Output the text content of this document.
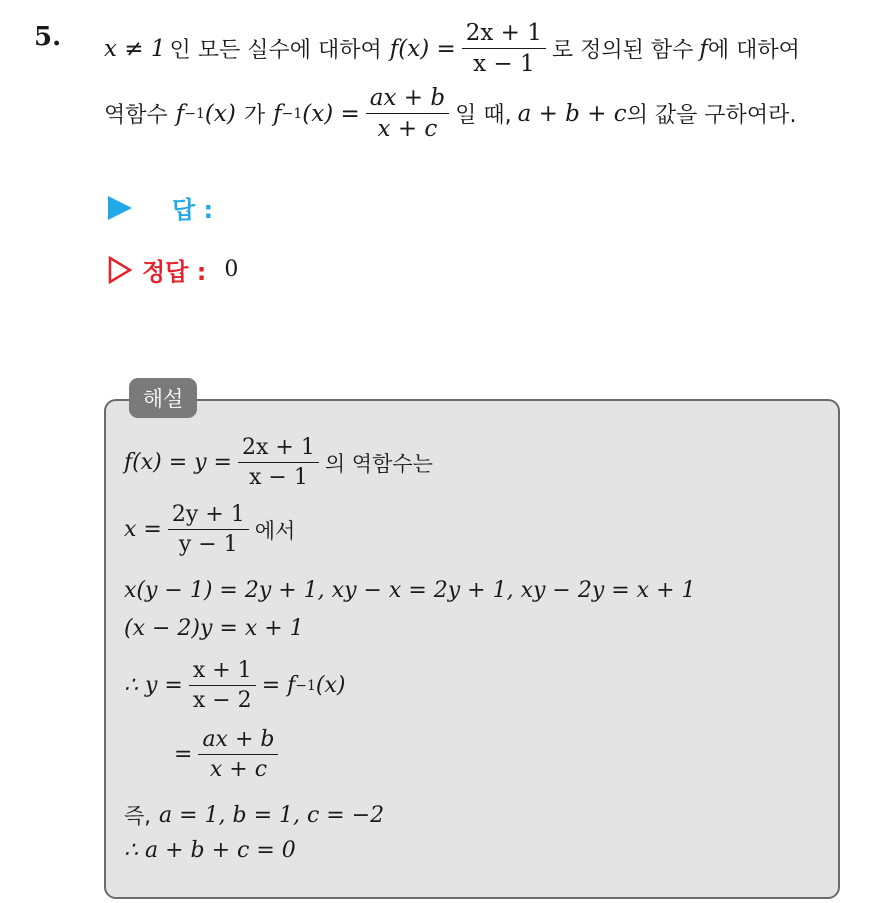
5. x ≠ 1 인 모든 실수에 대하여 $f(x) = \frac{2x + 1}{x - 1}$ 로 정의된 함수 f 에 대하여
역함수 f −1 (x) 가 f −1 $(x) = \frac{ax + b}{x + c}$ 일 때, a + b + c 의 값을 구하여라.
답 :
정답 : 0
해설
$f(x) = y = \frac{2x + 1}{x - 1}$ 의 역함수는
$x = \frac{2y + 1}{y - 1}$ 에서
x(y − 1) = 2y + 1, xy − x = 2y + 1, xy − 2y = x + 1
(x − 2)y = x + 1
∴ $y = \frac{x + 1}{x - 2} = f -1$ (x)
= $\frac{ax + b}{x + c}$
즉, a = 1, b = 1, c = −2
∴ a + b + c = 0
